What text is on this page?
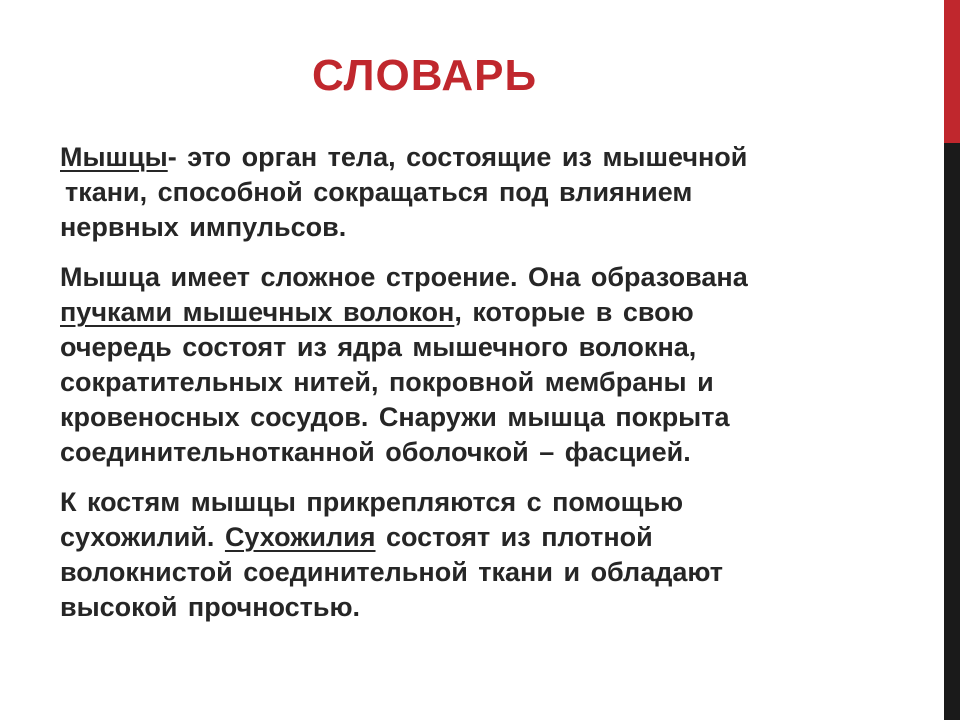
СЛОВАРЬ

Мышцы- это орган тела, состоящие из мышечной
ткани, способной сокращаться под влиянием
нервных импульсов.

Мышца имеет сложное строение. Она образована
пучками мышечных волокон, которые в свою
очередь состоят из ядра мышечного волокна,
сократительных нитей, покровной мембраны и
кровеносных сосудов. Снаружи мышца покрыта
соединительнотканной оболочкой – фасцией.

К костям мышцы прикрепляются с помощью
сухожилий. Сухожилия состоят из плотной
волокнистой соединительной ткани и обладают
высокой прочностью.
